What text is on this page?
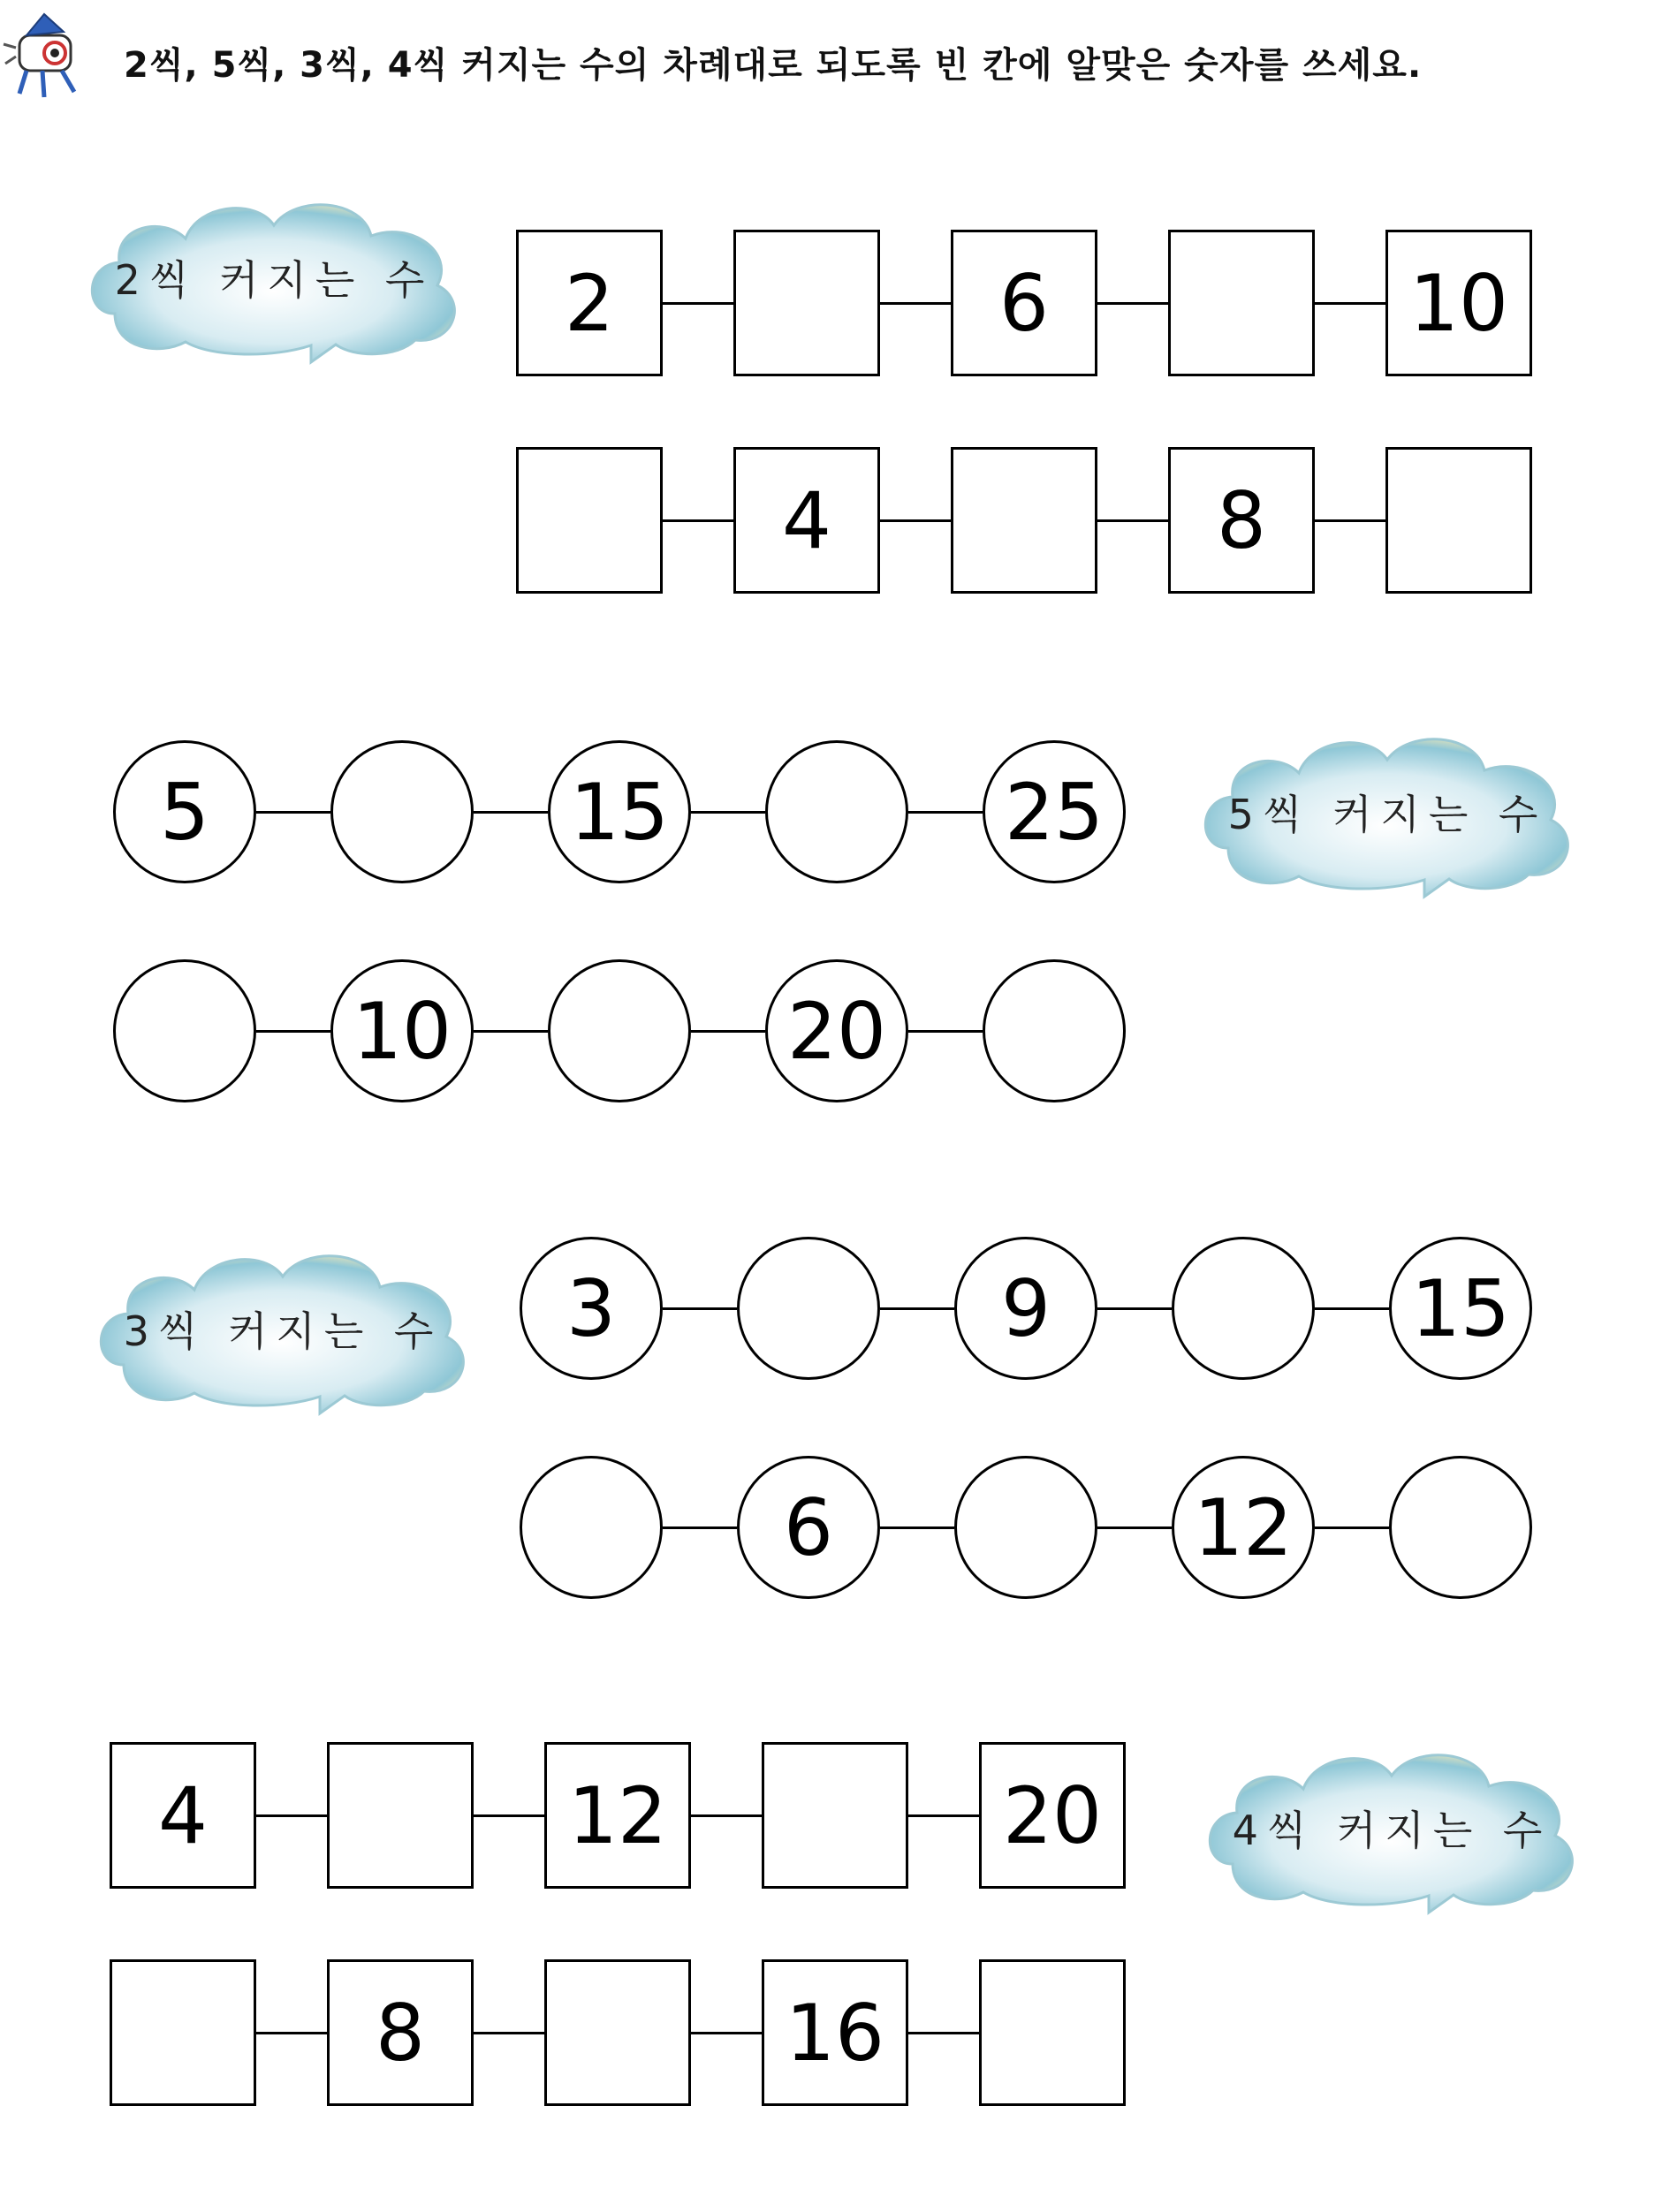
2씩, 5씩, 3씩, 4씩 커지는 수의 차례대로 되도록 빈 칸에 알맞은 숫자를 쓰세요.
2씩 커지는 수	2	6	10
4	8
5씩 커지는 수
5	15	25
10	20
3씩 커지는 수	3	9	15
6	12
4씩 커지는 수
4	12	20
8	16
